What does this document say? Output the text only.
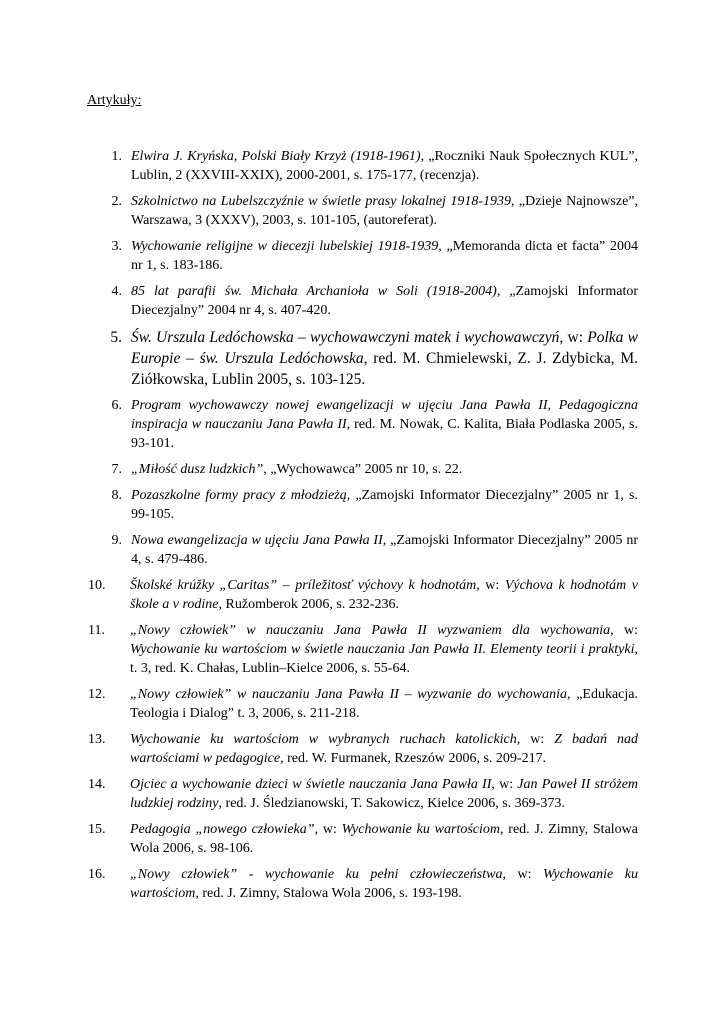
Artykuły:

1. Elwira J. Kryńska, Polski Biały Krzyż (1918-1961), „Roczniki Nauk Społecznych KUL”, Lublin, 2 (XXVIII-XXIX), 2000-2001, s. 175-177, (recenzja).
2. Szkolnictwo na Lubelszczyźnie w świetle prasy lokalnej 1918-1939, „Dzieje Najnowsze”, Warszawa, 3 (XXXV), 2003, s. 101-105, (autoreferat).
3. Wychowanie religijne w diecezji lubelskiej 1918-1939, „Memoranda dicta et facta” 2004 nr 1, s. 183-186.
4. 85 lat parafii św. Michała Archanioła w Soli (1918-2004), „Zamojski Informator Diecezjalny” 2004 nr 4, s. 407-420.
5. Św. Urszula Ledóchowska – wychowawczyni matek i wychowawczyń, w: Polka w Europie – św. Urszula Ledóchowska, red. M. Chmielewski, Z. J. Zdybicka, M. Ziółkowska, Lublin 2005, s. 103-125.
6. Program wychowawczy nowej ewangelizacji w ujęciu Jana Pawła II, Pedagogiczna inspiracja w nauczaniu Jana Pawła II, red. M. Nowak, C. Kalita, Biała Podlaska 2005, s. 93-101.
7. „Miłość dusz ludzkich”, „Wychowawca” 2005 nr 10, s. 22.
8. Pozaszkolne formy pracy z młodzieżą, „Zamojski Informator Diecezjalny” 2005 nr 1, s. 99-105.
9. Nowa ewangelizacja w ujęciu Jana Pawła II, „Zamojski Informator Diecezjalny” 2005 nr 4, s. 479-486.
10.	Školské krúžky „Caritas” – príležitosť výchovy k hodnotám, w: Výchova k hodnotám v škole a v rodine, Ružomberok 2006, s. 232-236.
11.	„Nowy człowiek” w nauczaniu Jana Pawła II wyzwaniem dla wychowania, w: Wychowanie ku wartościom w świetle nauczania Jan Pawła II. Elementy teorii i praktyki, t. 3, red. K. Chałas, Lublin–Kielce 2006, s. 55-64.
12.	„Nowy człowiek” w nauczaniu Jana Pawła II – wyzwanie do wychowania, „Edukacja. Teologia i Dialog” t. 3, 2006, s. 211-218.
13.	Wychowanie ku wartościom w wybranych ruchach katolickich, w: Z badań nad wartościami w pedagogice, red. W. Furmanek, Rzeszów 2006, s. 209-217.
14.	Ojciec a wychowanie dzieci w świetle nauczania Jana Pawła II, w: Jan Paweł II stróżem ludzkiej rodziny, red. J. Śledzianowski, T. Sakowicz, Kielce 2006, s. 369-373.
15.	Pedagogia „nowego człowieka”, w: Wychowanie ku wartościom, red. J. Zimny, Stalowa Wola 2006, s. 98-106.
16.	„Nowy człowiek” - wychowanie ku pełni człowieczeństwa, w: Wychowanie ku wartościom, red. J. Zimny, Stalowa Wola 2006, s. 193-198.
